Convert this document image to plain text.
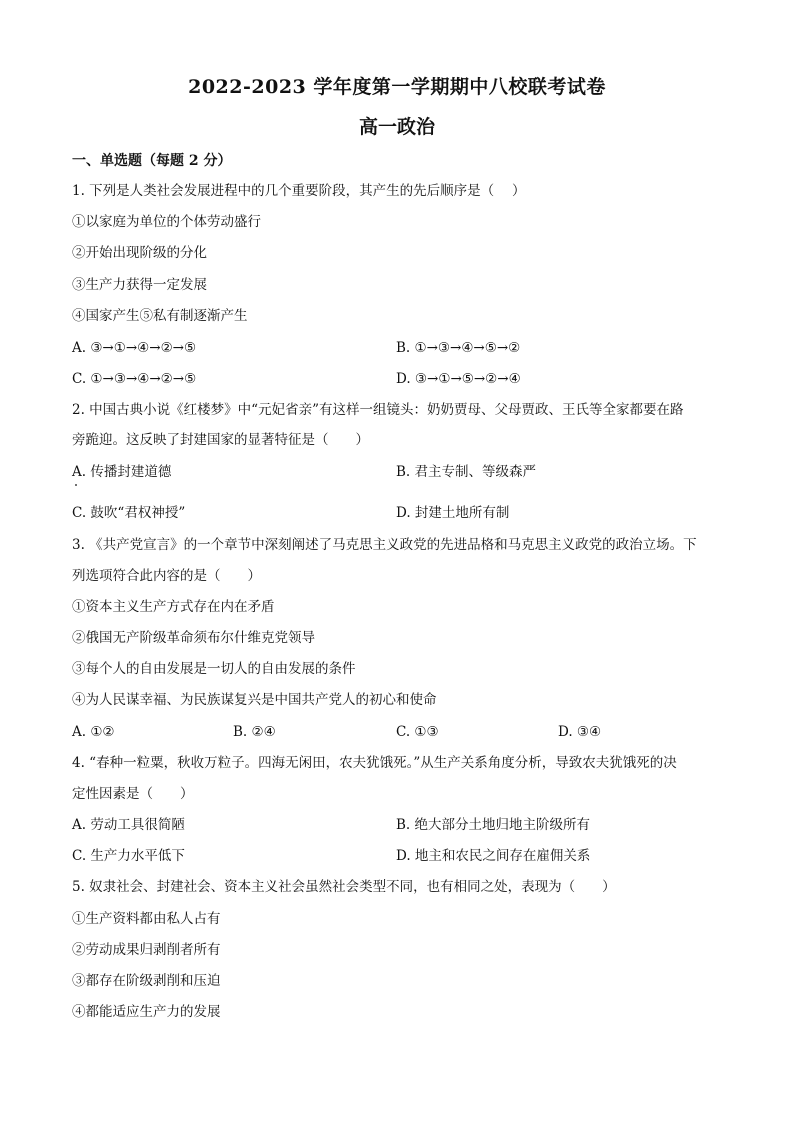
2022-2023 学年度第一学期期中八校联考试卷
高一政治
一、单选题（每题 2 分）
1. 下列是人类社会发展进程中的几个重要阶段，其产生的先后顺序是（　 ）
①以家庭为单位的个体劳动盛行
②开始出现阶级的分化
③生产力获得一定发展
④国家产生⑤私有制逐渐产生
A. ③→①→④→②→⑤	B. ①→③→④→⑤→②
C. ①→③→④→②→⑤	D. ③→①→⑤→②→④
2. 中国古典小说《红楼梦》中“元妃省亲”有这样一组镜头：奶奶贾母、父母贾政、王氏等全家都要在路
旁跪迎。这反映了封建国家的显著特征是（　　）
A. 传播封建道德	B. 君主专制、等级森严
C. 鼓吹“君权神授”	D. 封建土地所有制
3. 《共产党宣言》的一个章节中深刻阐述了马克思主义政党的先进品格和马克思主义政党的政治立场。下
列选项符合此内容的是（　　）
①资本主义生产方式存在内在矛盾
②俄国无产阶级革命须布尔什维克党领导
③每个人的自由发展是一切人的自由发展的条件
④为人民谋幸福、为民族谋复兴是中国共产党人的初心和使命
A. ①②	B. ②④	C. ①③	D. ③④
4. “春种一粒粟，秋收万粒子。四海无闲田，农夫犹饿死。”从生产关系角度分析，导致农夫犹饿死的决
定性因素是（　　）
A. 劳动工具很简陋	B. 绝大部分土地归地主阶级所有
C. 生产力水平低下	D. 地主和农民之间存在雇佣关系
5. 奴隶社会、封建社会、资本主义社会虽然社会类型不同，也有相同之处，表现为（　　）
①生产资料都由私人占有
②劳动成果归剥削者所有
③都存在阶级剥削和压迫
④都能适应生产力的发展
